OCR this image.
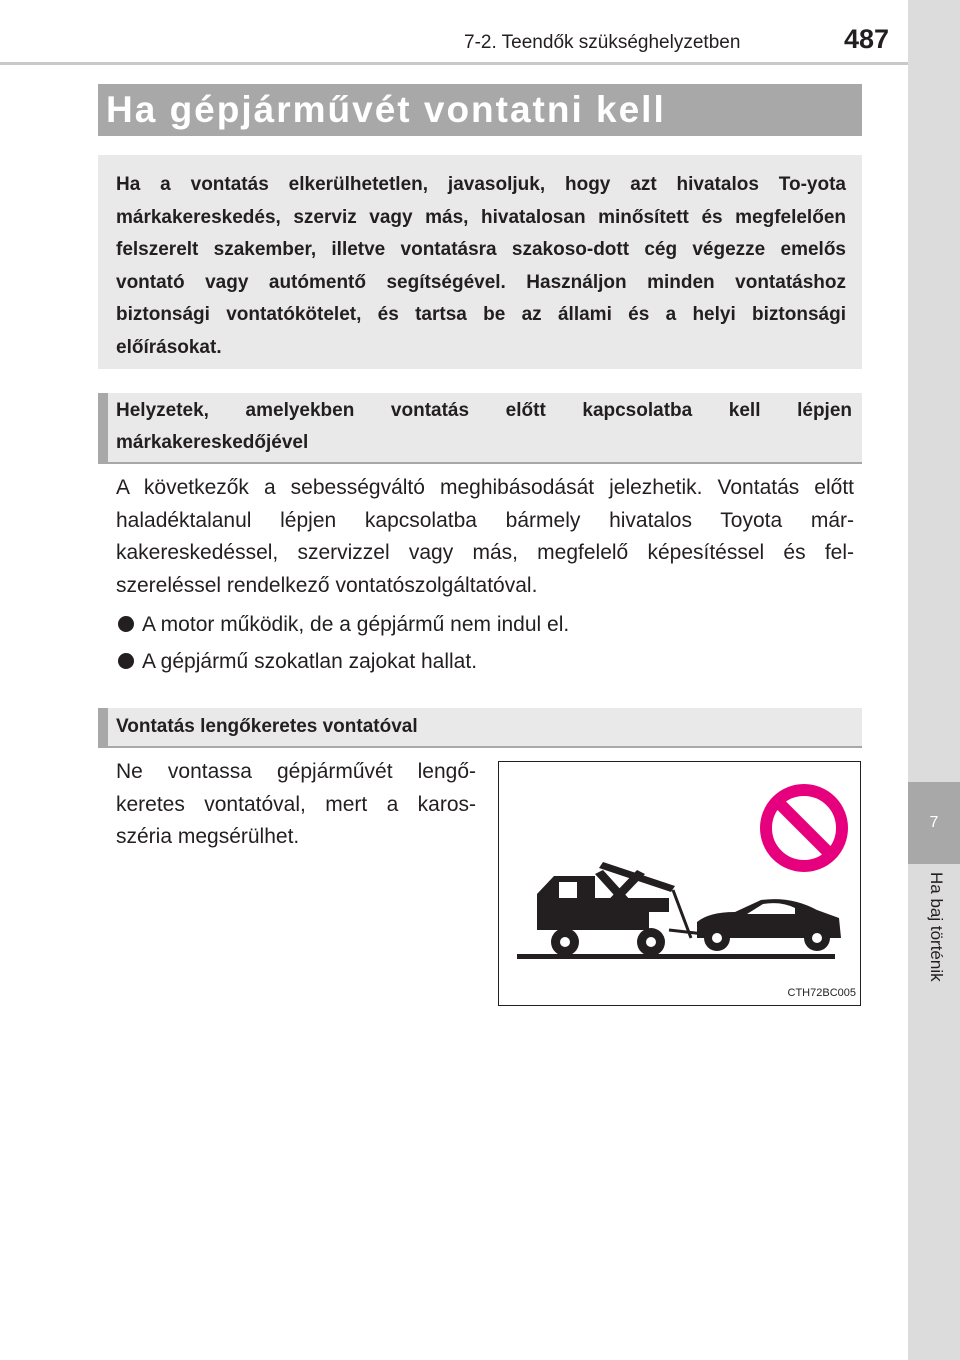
7-2. Teendők szükséghelyzetben	487
7
Ha baj történik
Ha gépjárművét vontatni kell

Ha a vontatás elkerülhetetlen, javasoljuk, hogy azt hivatalos To-yota márkakereskedés, szerviz vagy más, hivatalosan minősített és megfelelően felszerelt szakember, illetve vontatásra szakoso-dott cég végezze emelős vontató vagy autómentő segítségével. Használjon minden vontatáshoz biztonsági vontatókötelet, és tartsa be az állami és a helyi biztonsági előírásokat.

Helyzetek, amelyekben vontatás előtt kapcsolatba kell lépjen márkakereskedőjével

A következők a sebességváltó meghibásodását jelezhetik. Vontatás előtt haladéktalanul lépjen kapcsolatba bármely hivatalos Toyota már-kakereskedéssel, szervizzel vagy más, megfelelő képesítéssel és fel-szereléssel rendelkező vontatószolgáltatóval.

A motor működik, de a gépjármű nem indul el.
A gépjármű szokatlan zajokat hallat.
Vontatás lengőkeretes vontatóval

Ne vontassa gépjárművét lengő-keretes vontatóval, mert a karos-széria megsérülhet.

CTH72BC005
